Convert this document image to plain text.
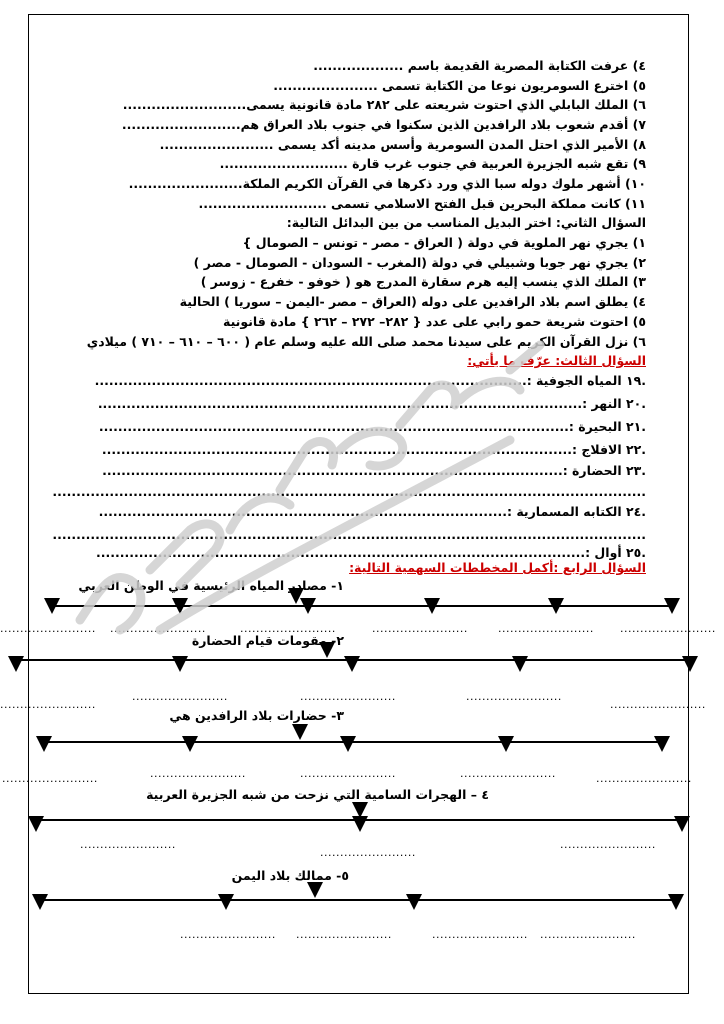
٤) عرفت الكتابة المصرية القديمة باسم ...................
٥) اخترع السومريون نوعا من الكتابة تسمى ......................
٦) الملك البابلي الذي احتوت شريعته على ٢٨٢ مادة قانونية يسمى..........................
٧) أقدم شعوب بلاد الرافدين الذين سكنوا في جنوب بلاد العراق هم.........................
٨) الأمير الذي احتل المدن السومرية وأسس مدينه أكد يسمى ........................
٩) تقع شبه الجزيرة العربية في جنوب غرب قارة ...........................
١٠) أشهر ملوك دوله سبا الذي ورد ذكرها في القرآن الكريم الملكة........................
١١) كانت مملكة البحرين قبل الفتح الاسلامي تسمى ...........................
السؤال الثاني: اختر البديل المناسب من بين البدائل التالية:
١) يجري نهر الملوية في دولة ( العراق - مصر - تونس – الصومال }
٢) يجري نهر جوبا وشبيلي في دولة (المغرب - السودان - الصومال - مصر )
٣) الملك الذي ينسب إليه هرم سقارة المدرج هو ( خوفو - خفرع - زوسر )
٤) يطلق اسم بلاد الرافدين على دوله (العراق – مصر -اليمن – سوريا ) الحالية
٥) احتوت شريعة حمو رابي على عدد { ٢٨٢– ٢٧٢ – ٢٦٢ } مادة قانونية
٦) نزل القرآن الكريم على سيدنا محمد صلى الله عليه وسلم عام ( ٦٠٠ – ٦١٠ – ٧١٠ ) ميلادي
السؤال الثالث: عرّف ما يأتي:
.١٩ المياه الجوفية :...........................................................................................
.٢٠ النهر :......................................................................................................
.٢١ البحيرة :...................................................................................................
.٢٢ الافلاج :...................................................................................................
.٢٣ الحضارة :.................................................................................................
.............................................................................................................................
.٢٤ الكتابه المسمارية :......................................................................................
.............................................................................................................................
.٢٥ أوال :.......................................................................................................
السؤال الرابع :أكمل المخططات السهمية التالية:
١- مصادر المياه الرئيسية في الوطن العربي
٢- مقومات قيام الحضارة
٣- حضارات بلاد الرافدين هي
٤ – الهجرات السامية التي نزحت من شبه الجزيرة العربية
٥- ممالك بلاد اليمن
........................ ........................	........................	........................	........................ ........................
........................
........................	........................	........................
........................
........................	........................	........................	........................	........................
........................
........................
........................
........................ ........................	........................ ........................
